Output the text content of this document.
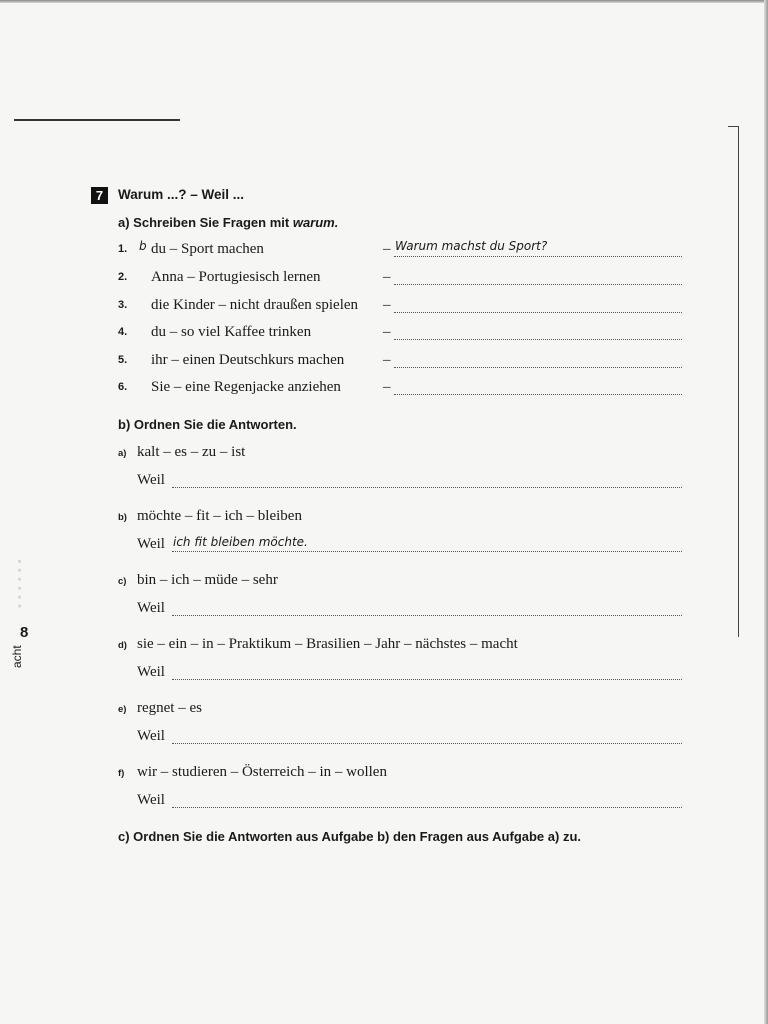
▪ ▪ ▪ ▪ ▪ ▪
8
acht
7	Warum ...? – Weil ...
a) Schreiben Sie Fragen mit warum.
1. b du – Sport machen	– Warum machst du Sport?
2. Anna – Portugiesisch lernen	–
3. die Kinder – nicht draußen spielen –
4. du – so viel Kaffee trinken	–
5. ihr – einen Deutschkurs machen	–
6. Sie – eine Regenjacke anziehen	–
b) Ordnen Sie die Antworten.
a) kalt – es – zu – ist
Weil
b) möchte – fit – ich – bleiben
Weil ich fit bleiben möchte.
c) bin – ich – müde – sehr
Weil
d) sie – ein – in – Praktikum – Brasilien – Jahr – nächstes – macht
Weil
e) regnet – es
Weil
f) wir – studieren – Österreich – in – wollen
Weil
c) Ordnen Sie die Antworten aus Aufgabe b) den Fragen aus Aufgabe a) zu.
